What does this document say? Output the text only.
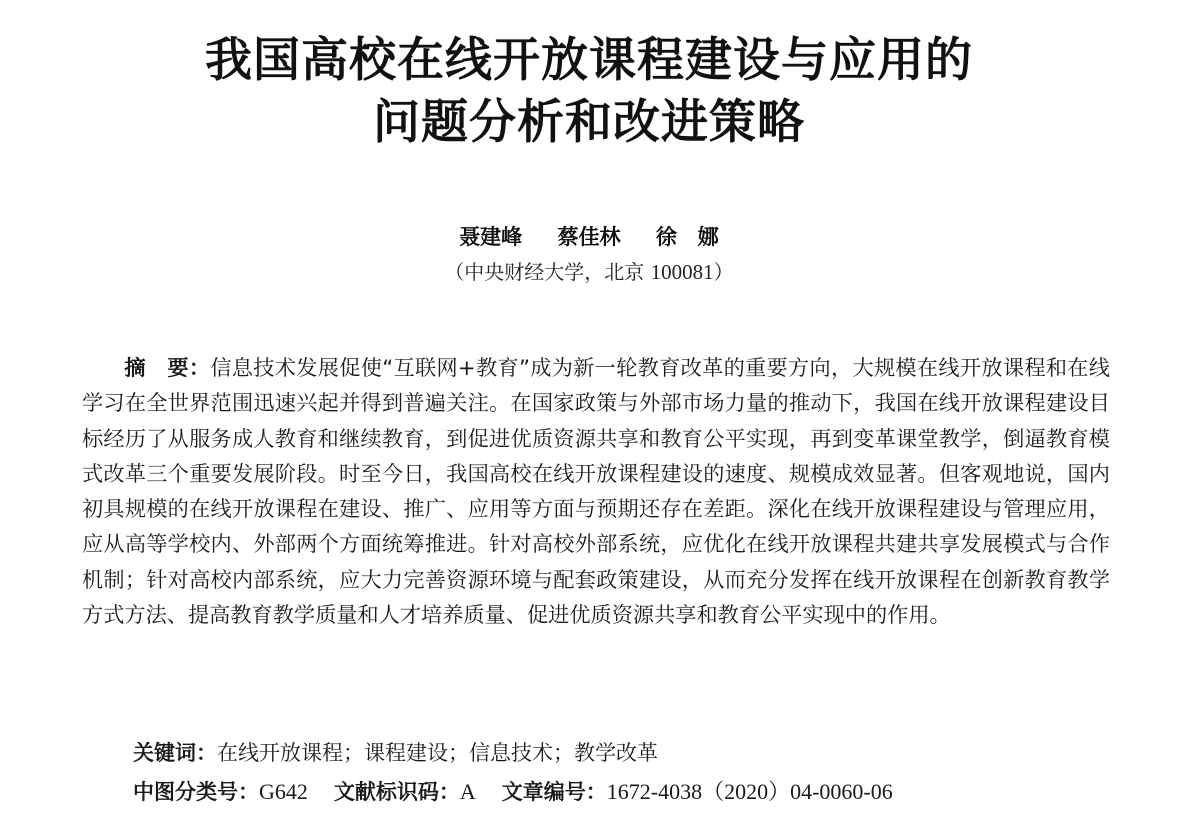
我国高校在线开放课程建设与应用的
问题分析和改进策略
聂建峰 蔡佳林 徐　娜
（中央财经大学，北京 100081）

摘　要：信息技术发展促使“互联网+教育”成为新一轮教育改革的重要方向，大规模在线开放课程和在线学习在全世界范围迅速兴起并得到普遍关注。在国家政策与外部市场力量的推动下，我国在线开放课程建设目标经历了从服务成人教育和继续教育，到促进优质资源共享和教育公平实现，再到变革课堂教学，倒逼教育模式改革三个重要发展阶段。时至今日，我国高校在线开放课程建设的速度、规模成效显著。但客观地说，国内初具规模的在线开放课程在建设、推广、应用等方面与预期还存在差距。深化在线开放课程建设与管理应用，应从高等学校内、外部两个方面统筹推进。针对高校外部系统，应优化在线开放课程共建共享发展模式与合作机制；针对高校内部系统，应大力完善资源环境与配套政策建设，从而充分发挥在线开放课程在创新教育教学方式方法、提高教育教学质量和人才培养质量、促进优质资源共享和教育公平实现中的作用。

关键词：在线开放课程；课程建设；信息技术；教学改革
中图分类号：G642 文献标识码：A 文章编号：1672-4038（2020）04-0060-06
